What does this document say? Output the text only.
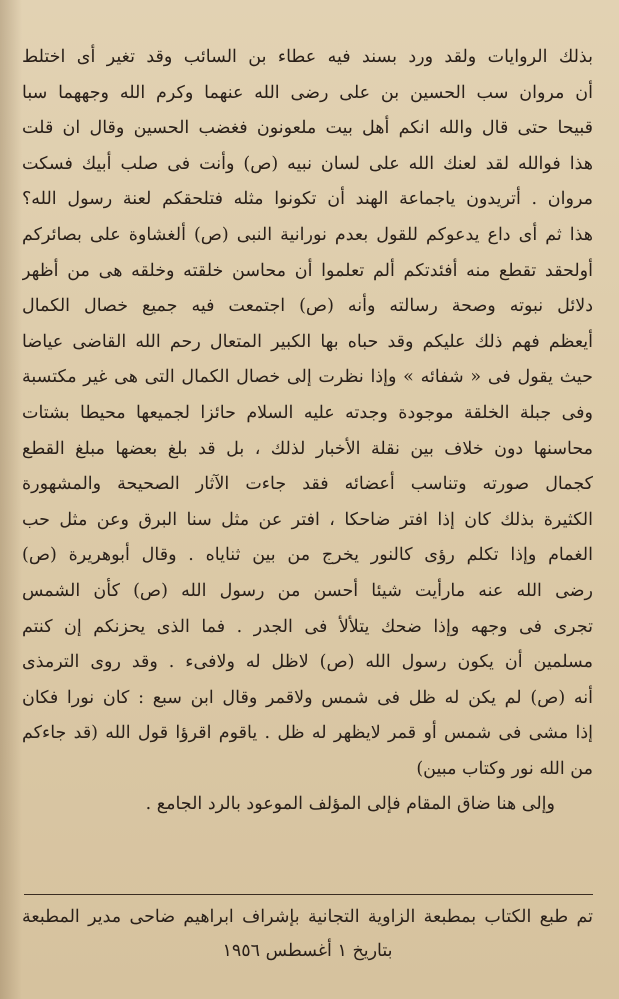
بذلك الروايات ولقد ورد بسند فيه عطاء بن السائب وقد تغير أى اختلط
أن مروان سب الحسين بن على رضى الله عنهما وكرم الله وجههما سبا
قبيحا حتى قال والله انكم أهل بيت ملعونون فغضب الحسين وقال ان قلت
هذا فوالله لقد لعنك الله على لسان نبيه (ص) وأنت فى صلب أبيك فسكت
مروان . أتريدون ياجماعة الهند أن تكونوا مثله فتلحقكم لعنة رسول الله؟
هذا ثم أى داع يدعوكم للقول بعدم نورانية النبى (ص) ألغشاوة على بصائركم
أولحقد تقطع منه أفئدتكم ألم تعلموا أن محاسن خلقته وخلقه هى من أظهر
دلائل نبوته وصحة رسالته وأنه (ص) اجتمعت فيه جميع خصال الكمال
أيعظم فهم ذلك عليكم وقد حباه بها الكبير المتعال رحم الله القاضى عياضا
حيث يقول فى « شفائه » وإذا نظرت إلى خصال الكمال التى هى غير مكتسبة
وفى جبلة الخلقة موجودة وجدته عليه السلام حائزا لجميعها محيطا بشتات
محاسنها دون خلاف بين نقلة الأخبار لذلك ، بل قد بلغ بعضها مبلغ القطع
كجمال صورته وتناسب أعضائه فقد جاءت الآثار الصحيحة والمشهورة
الكثيرة بذلك كان إذا افتر ضاحكا ، افتر عن مثل سنا البرق وعن مثل حب
الغمام وإذا تكلم رؤى كالنور يخرج من بين ثناياه . وقال أبوهريرة (ص)
رضى الله عنه مارأيت شيئا أحسن من رسول الله (ص) كأن الشمس
تجرى فى وجهه وإذا ضحك يتلألأ فى الجدر . فما الذى يحزنكم إن كنتم
مسلمين أن يكون رسول الله (ص) لاظل له ولافىء . وقد روى الترمذى
أنه (ص) لم يكن له ظل فى شمس ولاقمر وقال ابن سبع : كان نورا فكان
إذا مشى فى شمس أو قمر لايظهر له ظل . ياقوم اقرؤا قول الله (قد جاءكم
من الله نور وكتاب مبين)
وإلى هنا ضاق المقام فإلى المؤلف الموعود بالرد الجامع .
تم طبع الكتاب بمطبعة الزاوية التجانية بإشراف ابراهيم ضاحى مدير المطبعة
بتاريخ ١ أغسطس ١٩٥٦
